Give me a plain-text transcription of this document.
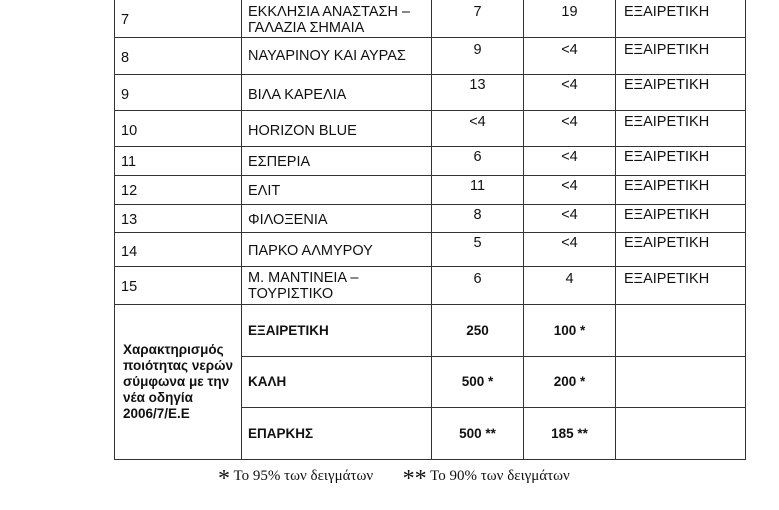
7	ΕΚΚΛΗΣΙΑ ΑΝΑΣΤΑΣΗ – ΓΑΛΑΖΙΑ ΣΗΜΑΙΑ	7	19	ΕΞΑΙΡΕΤΙΚΗ
8	ΝΑΥΑΡΙΝΟΥ ΚΑΙ ΑΥΡΑΣ	9	<4	ΕΞΑΙΡΕΤΙΚΗ
9	ΒΙΛΑ ΚΑΡΕΛΙΑ	13	<4	ΕΞΑΙΡΕΤΙΚΗ
10	HORIZON BLUE	<4	<4	ΕΞΑΙΡΕΤΙΚΗ
11	ΕΣΠΕΡΙΑ	6	<4	ΕΞΑΙΡΕΤΙΚΗ
12	ΕΛΙΤ	11	<4	ΕΞΑΙΡΕΤΙΚΗ
13	ΦΙΛΟΞΕΝΙΑ	8	<4	ΕΞΑΙΡΕΤΙΚΗ
14	ΠΑΡΚΟ ΑΛΜΥΡΟΥ	5	<4	ΕΞΑΙΡΕΤΙΚΗ
15	Μ. ΜΑΝΤΙΝΕΙΑ – ΤΟΥΡΙΣΤΙΚΟ	6	4	ΕΞΑΙΡΕΤΙΚΗ
Χαρακτηρισμός ποιότητας νερών σύμφωνα με την νέα οδηγία 2006/7/Ε.Ε	ΕΞΑΙΡΕΤΙΚΗ	250	100 *	
	ΚΑΛΗ	500 *	200 *	
	ΕΠΑΡΚΗΣ	500 **	185 **	
* Το 95% των δειγμάτων ** Το 90% των δειγμάτων
